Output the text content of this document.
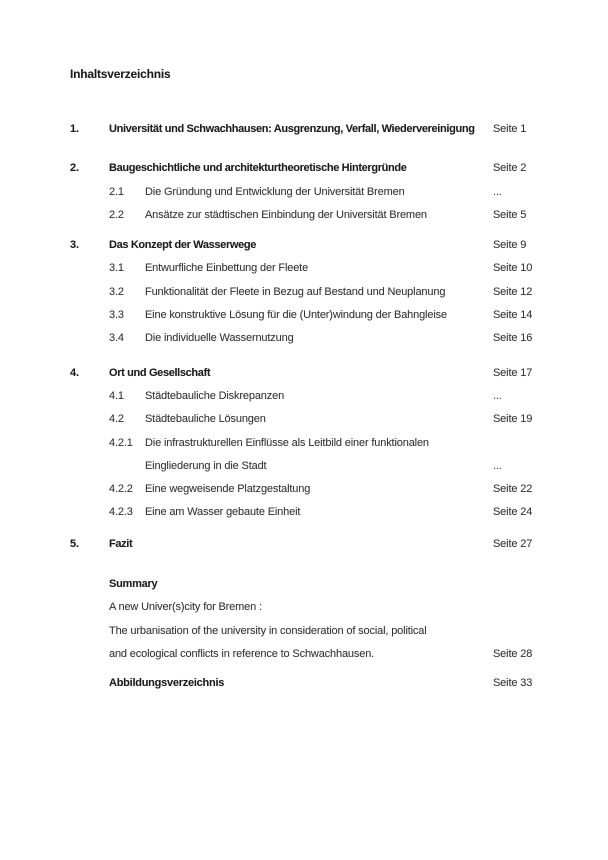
Inhaltsverzeichnis
1.	Universität und Schwachhausen: Ausgrenzung, Verfall, Wiedervereinigung	Seite 1
2.	Baugeschichtliche und architekturtheoretische Hintergründe	Seite 2
2.1	Die Gründung und Entwicklung der Universität Bremen	...
2.2	Ansätze zur städtischen Einbindung der Universität Bremen	Seite 5
3.	Das Konzept der Wasserwege	Seite 9
3.1	Entwurfliche Einbettung der Fleete	Seite 10
3.2	Funktionalität der Fleete in Bezug auf Bestand und Neuplanung	Seite 12
3.3	Eine konstruktive Lösung für die (Unter)windung der Bahngleise	Seite 14
3.4	Die individuelle Wassernutzung	Seite 16
4.	Ort und Gesellschaft	Seite 17
4.1	Städtebauliche Diskrepanzen	...
4.2	Städtebauliche Lösungen	Seite 19
4.2.1	Die infrastrukturellen Einflüsse als Leitbild einer funktionalen
Eingliederung in die Stadt	...
4.2.2	Eine wegweisende Platzgestaltung	Seite 22
4.2.3	Eine am Wasser gebaute Einheit	Seite 24
5.	Fazit	Seite 27
Summary
A new Univer(s)city for Bremen :
The urbanisation of the university in consideration of social, political
and ecological conflicts in reference to Schwachhausen.	Seite 28
Abbildungsverzeichnis	Seite 33
